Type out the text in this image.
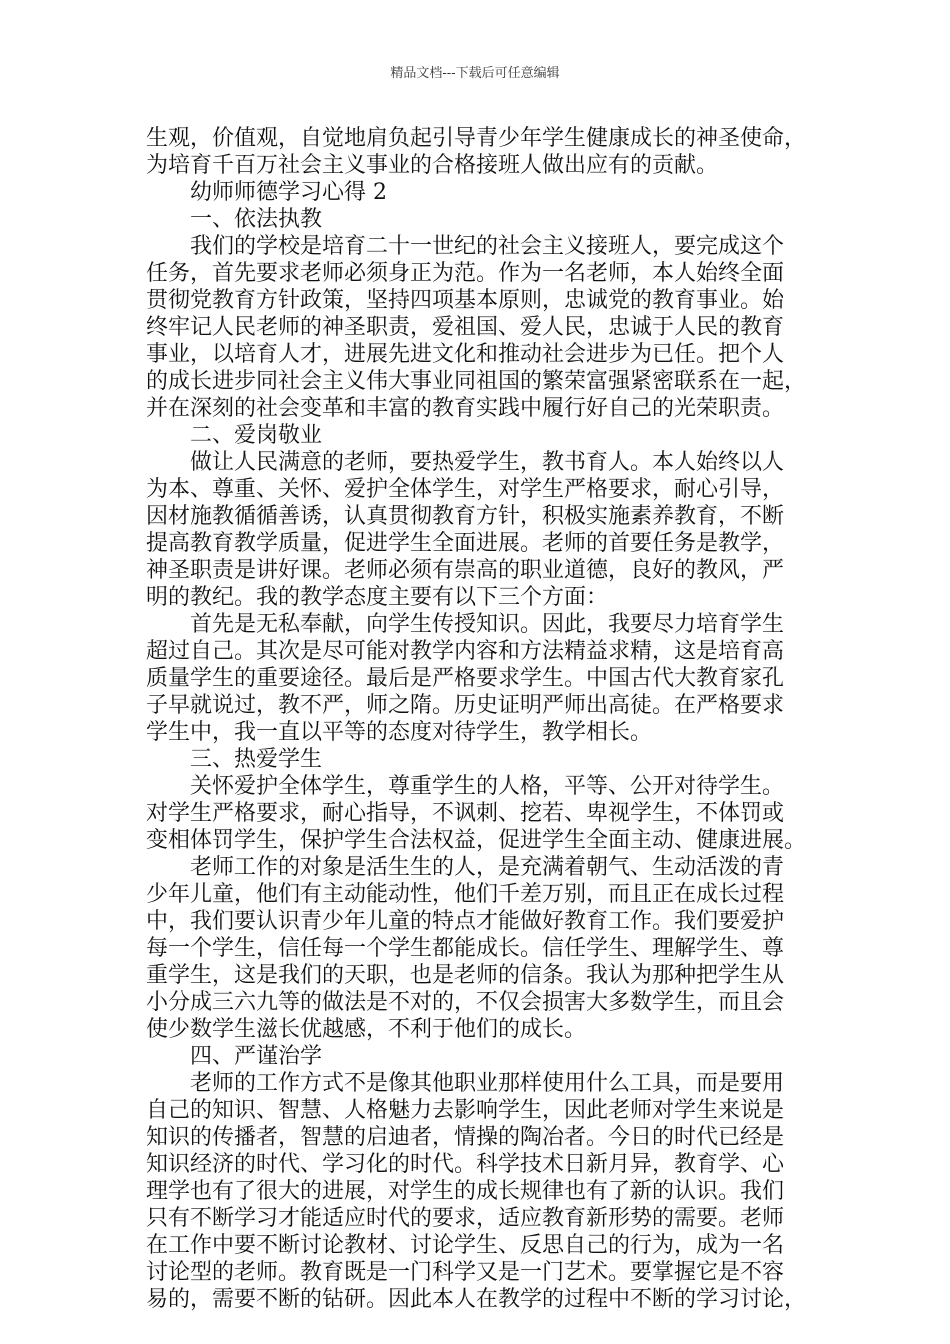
精品文档---下载后可任意编辑
生观，价值观，自觉地肩负起引导青少年学生健康成长的神圣使命，
为培育千百万社会主义事业的合格接班人做出应有的贡献。
幼师师德学习心得 2
一、依法执教
我们的学校是培育二十一世纪的社会主义接班人，要完成这个
任务，首先要求老师必须身正为范。作为一名老师，本人始终全面
贯彻党教育方针政策，坚持四项基本原则，忠诚党的教育事业。始
终牢记人民老师的神圣职责，爱祖国、爱人民，忠诚于人民的教育
事业，以培育人才，进展先进文化和推动社会进步为已任。把个人
的成长进步同社会主义伟大事业同祖国的繁荣富强紧密联系在一起，
并在深刻的社会变革和丰富的教育实践中履行好自己的光荣职责。
二、爱岗敬业
做让人民满意的老师，要热爱学生，教书育人。本人始终以人
为本、尊重、关怀、爱护全体学生，对学生严格要求，耐心引导，
因材施教循循善诱，认真贯彻教育方针，积极实施素养教育，不断
提高教育教学质量，促进学生全面进展。老师的首要任务是教学，
神圣职责是讲好课。老师必须有崇高的职业道德，良好的教风，严
明的教纪。我的教学态度主要有以下三个方面：
首先是无私奉献，向学生传授知识。因此，我要尽力培育学生
超过自己。其次是尽可能对教学内容和方法精益求精，这是培育高
质量学生的重要途径。最后是严格要求学生。中国古代大教育家孔
子早就说过，教不严，师之隋。历史证明严师出高徒。在严格要求
学生中，我一直以平等的态度对待学生，教学相长。
三、热爱学生
关怀爱护全体学生，尊重学生的人格，平等、公开对待学生。
对学生严格要求，耐心指导，不讽刺、挖若、卑视学生，不体罚或
变相体罚学生，保护学生合法权益，促进学生全面主动、健康进展。
老师工作的对象是活生生的人，是充满着朝气、生动活泼的青
少年儿童，他们有主动能动性，他们千差万别，而且正在成长过程
中，我们要认识青少年儿童的特点才能做好教育工作。我们要爱护
每一个学生，信任每一个学生都能成长。信任学生、理解学生、尊
重学生，这是我们的天职，也是老师的信条。我认为那种把学生从
小分成三六九等的做法是不对的，不仅会损害大多数学生，而且会
使少数学生滋长优越感，不利于他们的成长。
四、严谨治学
老师的工作方式不是像其他职业那样使用什么工具，而是要用
自己的知识、智慧、人格魅力去影响学生，因此老师对学生来说是
知识的传播者，智慧的启迪者，情操的陶冶者。今日的时代已经是
知识经济的时代、学习化的时代。科学技术日新月异，教育学、心
理学也有了很大的进展，对学生的成长规律也有了新的认识。我们
只有不断学习才能适应时代的要求，适应教育新形势的需要。老师
在工作中要不断讨论教材、讨论学生、反思自己的行为，成为一名
讨论型的老师。教育既是一门科学又是一门艺术。要掌握它是不容
易的，需要不断的钻研。因此本人在教学的过程中不断的学习讨论，
